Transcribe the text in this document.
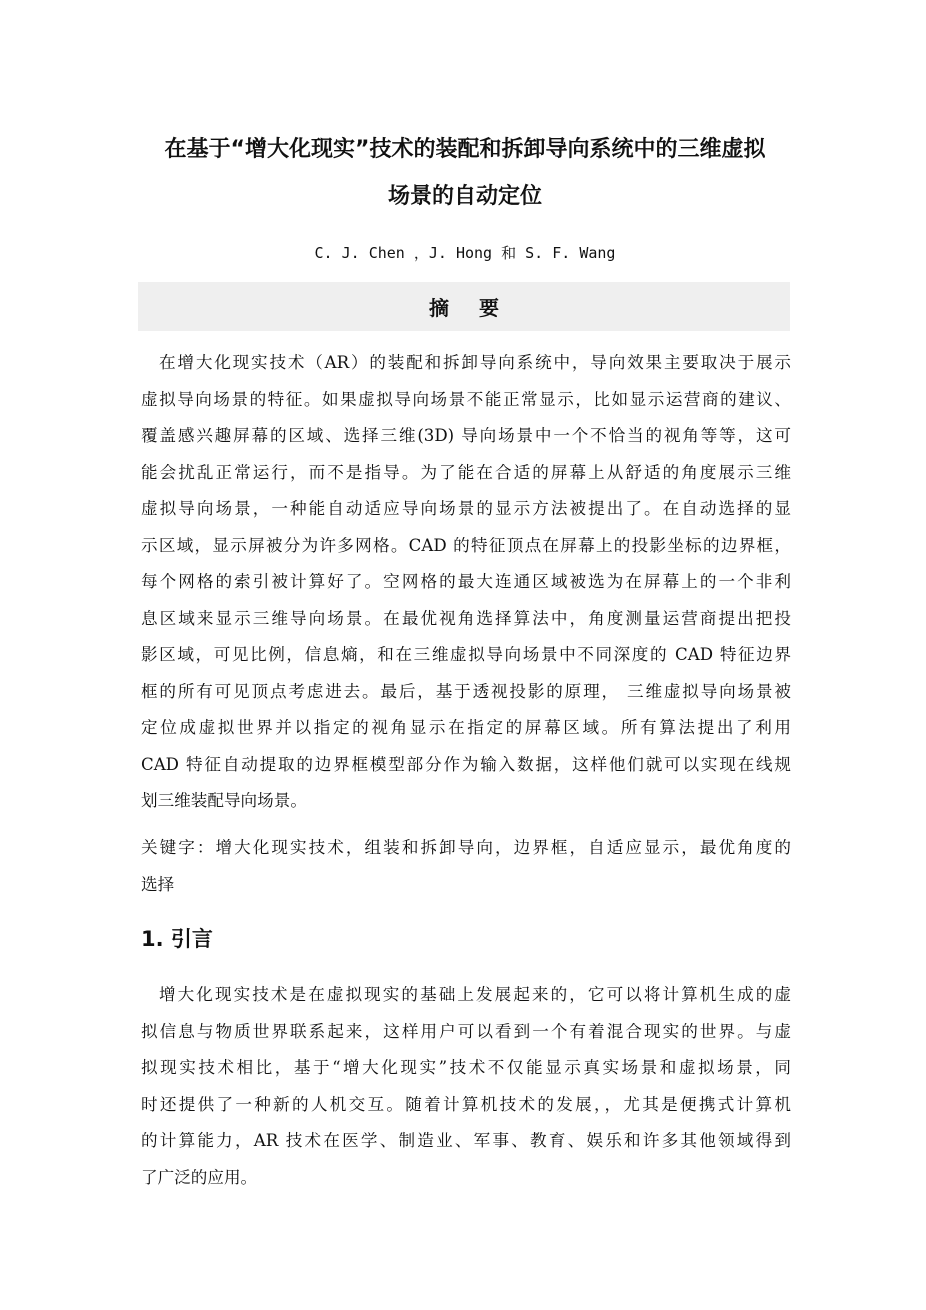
在基于“增大化现实”技术的装配和拆卸导向系统中的三维虚拟
场景的自动定位
C. J. Chen ，J. Hong 和 S. F. Wang
摘要
在增大化现实技术（AR）的装配和拆卸导向系统中，导向效果主要取决于展示
虚拟导向场景的特征。如果虚拟导向场景不能正常显示，比如显示运营商的建议、
覆盖感兴趣屏幕的区域、选择三维(3D) 导向场景中一个不恰当的视角等等，这可
能会扰乱正常运行，而不是指导。为了能在合适的屏幕上从舒适的角度展示三维
虚拟导向场景，一种能自动适应导向场景的显示方法被提出了。在自动选择的显
示区域，显示屏被分为许多网格。CAD 的特征顶点在屏幕上的投影坐标的边界框，
每个网格的索引被计算好了。空网格的最大连通区域被选为在屏幕上的一个非利
息区域来显示三维导向场景。在最优视角选择算法中，角度测量运营商提出把投
影区域，可见比例，信息熵，和在三维虚拟导向场景中不同深度的 CAD 特征边界
框的所有可见顶点考虑进去。最后，基于透视投影的原理， 三维虚拟导向场景被
定位成虚拟世界并以指定的视角显示在指定的屏幕区域。所有算法提出了利用
CAD 特征自动提取的边界框模型部分作为输入数据，这样他们就可以实现在线规
划三维装配导向场景。
关键字：增大化现实技术，组装和拆卸导向，边界框，自适应显示，最优角度的
选择
1. 引言
增大化现实技术是在虚拟现实的基础上发展起来的，它可以将计算机生成的虚
拟信息与物质世界联系起来，这样用户可以看到一个有着混合现实的世界。与虚
拟现实技术相比，基于“增大化现实”技术不仅能显示真实场景和虚拟场景，同
时还提供了一种新的人机交互。随着计算机技术的发展，，尤其是便携式计算机
的计算能力，AR 技术在医学、制造业、军事、教育、娱乐和许多其他领域得到
了广泛的应用。
